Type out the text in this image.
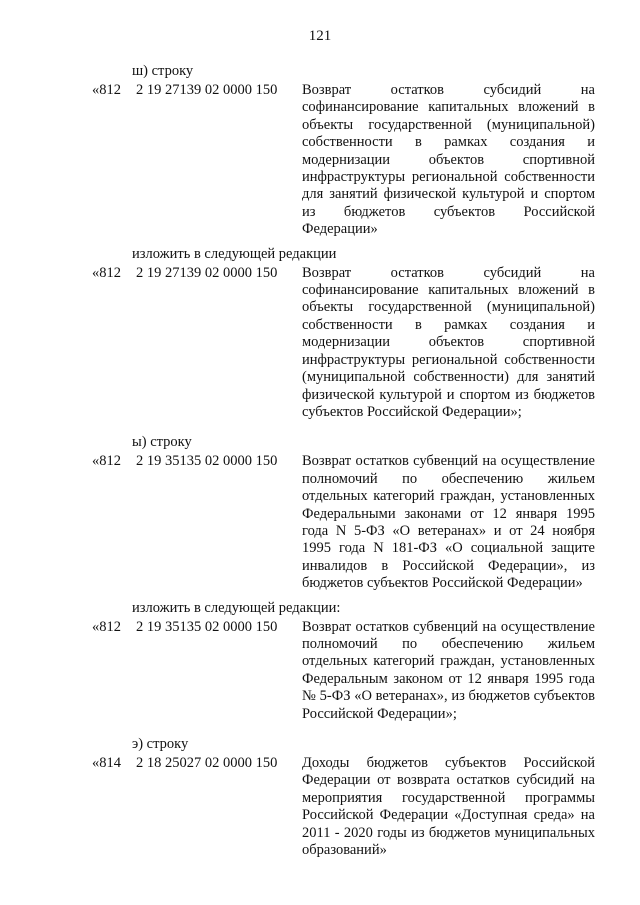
121
ш) строку
«812 2 19 27139 02 0000 150 Возврат остатков субсидий на софинансирование капитальных вложений в объекты государственной (муниципальной) собственности в рамках создания и модернизации объектов спортивной инфраструктуры региональной собственности для занятий физической культурой и спортом из бюджетов субъектов Российской Федерации»
изложить в следующей редакции
«812 2 19 27139 02 0000 150 Возврат остатков субсидий на софинансирование капитальных вложений в объекты государственной (муниципальной) собственности в рамках создания и модернизации объектов спортивной инфраструктуры региональной собственности (муниципальной собственности) для занятий физической культурой и спортом из бюджетов субъектов Российской Федерации»;
ы) строку
«812 2 19 35135 02 0000 150 Возврат остатков субвенций на осуществление полномочий по обеспечению жильем отдельных категорий граждан, установленных Федеральными законами от 12 января 1995 года N 5-ФЗ «О ветеранах» и от 24 ноября 1995 года N 181-ФЗ «О социальной защите инвалидов в Российской Федерации», из бюджетов субъектов Российской Федерации»
изложить в следующей редакции:
«812 2 19 35135 02 0000 150 Возврат остатков субвенций на осуществление полномочий по обеспечению жильем отдельных категорий граждан, установленных Федеральным законом от 12 января 1995 года № 5-ФЗ «О ветеранах», из бюджетов субъектов Российской Федерации»;
э) строку
«814 2 18 25027 02 0000 150 Доходы бюджетов субъектов Российской Федерации от возврата остатков субсидий на мероприятия государственной программы Российской Федерации «Доступная среда» на 2011 - 2020 годы из бюджетов муниципальных образований»
